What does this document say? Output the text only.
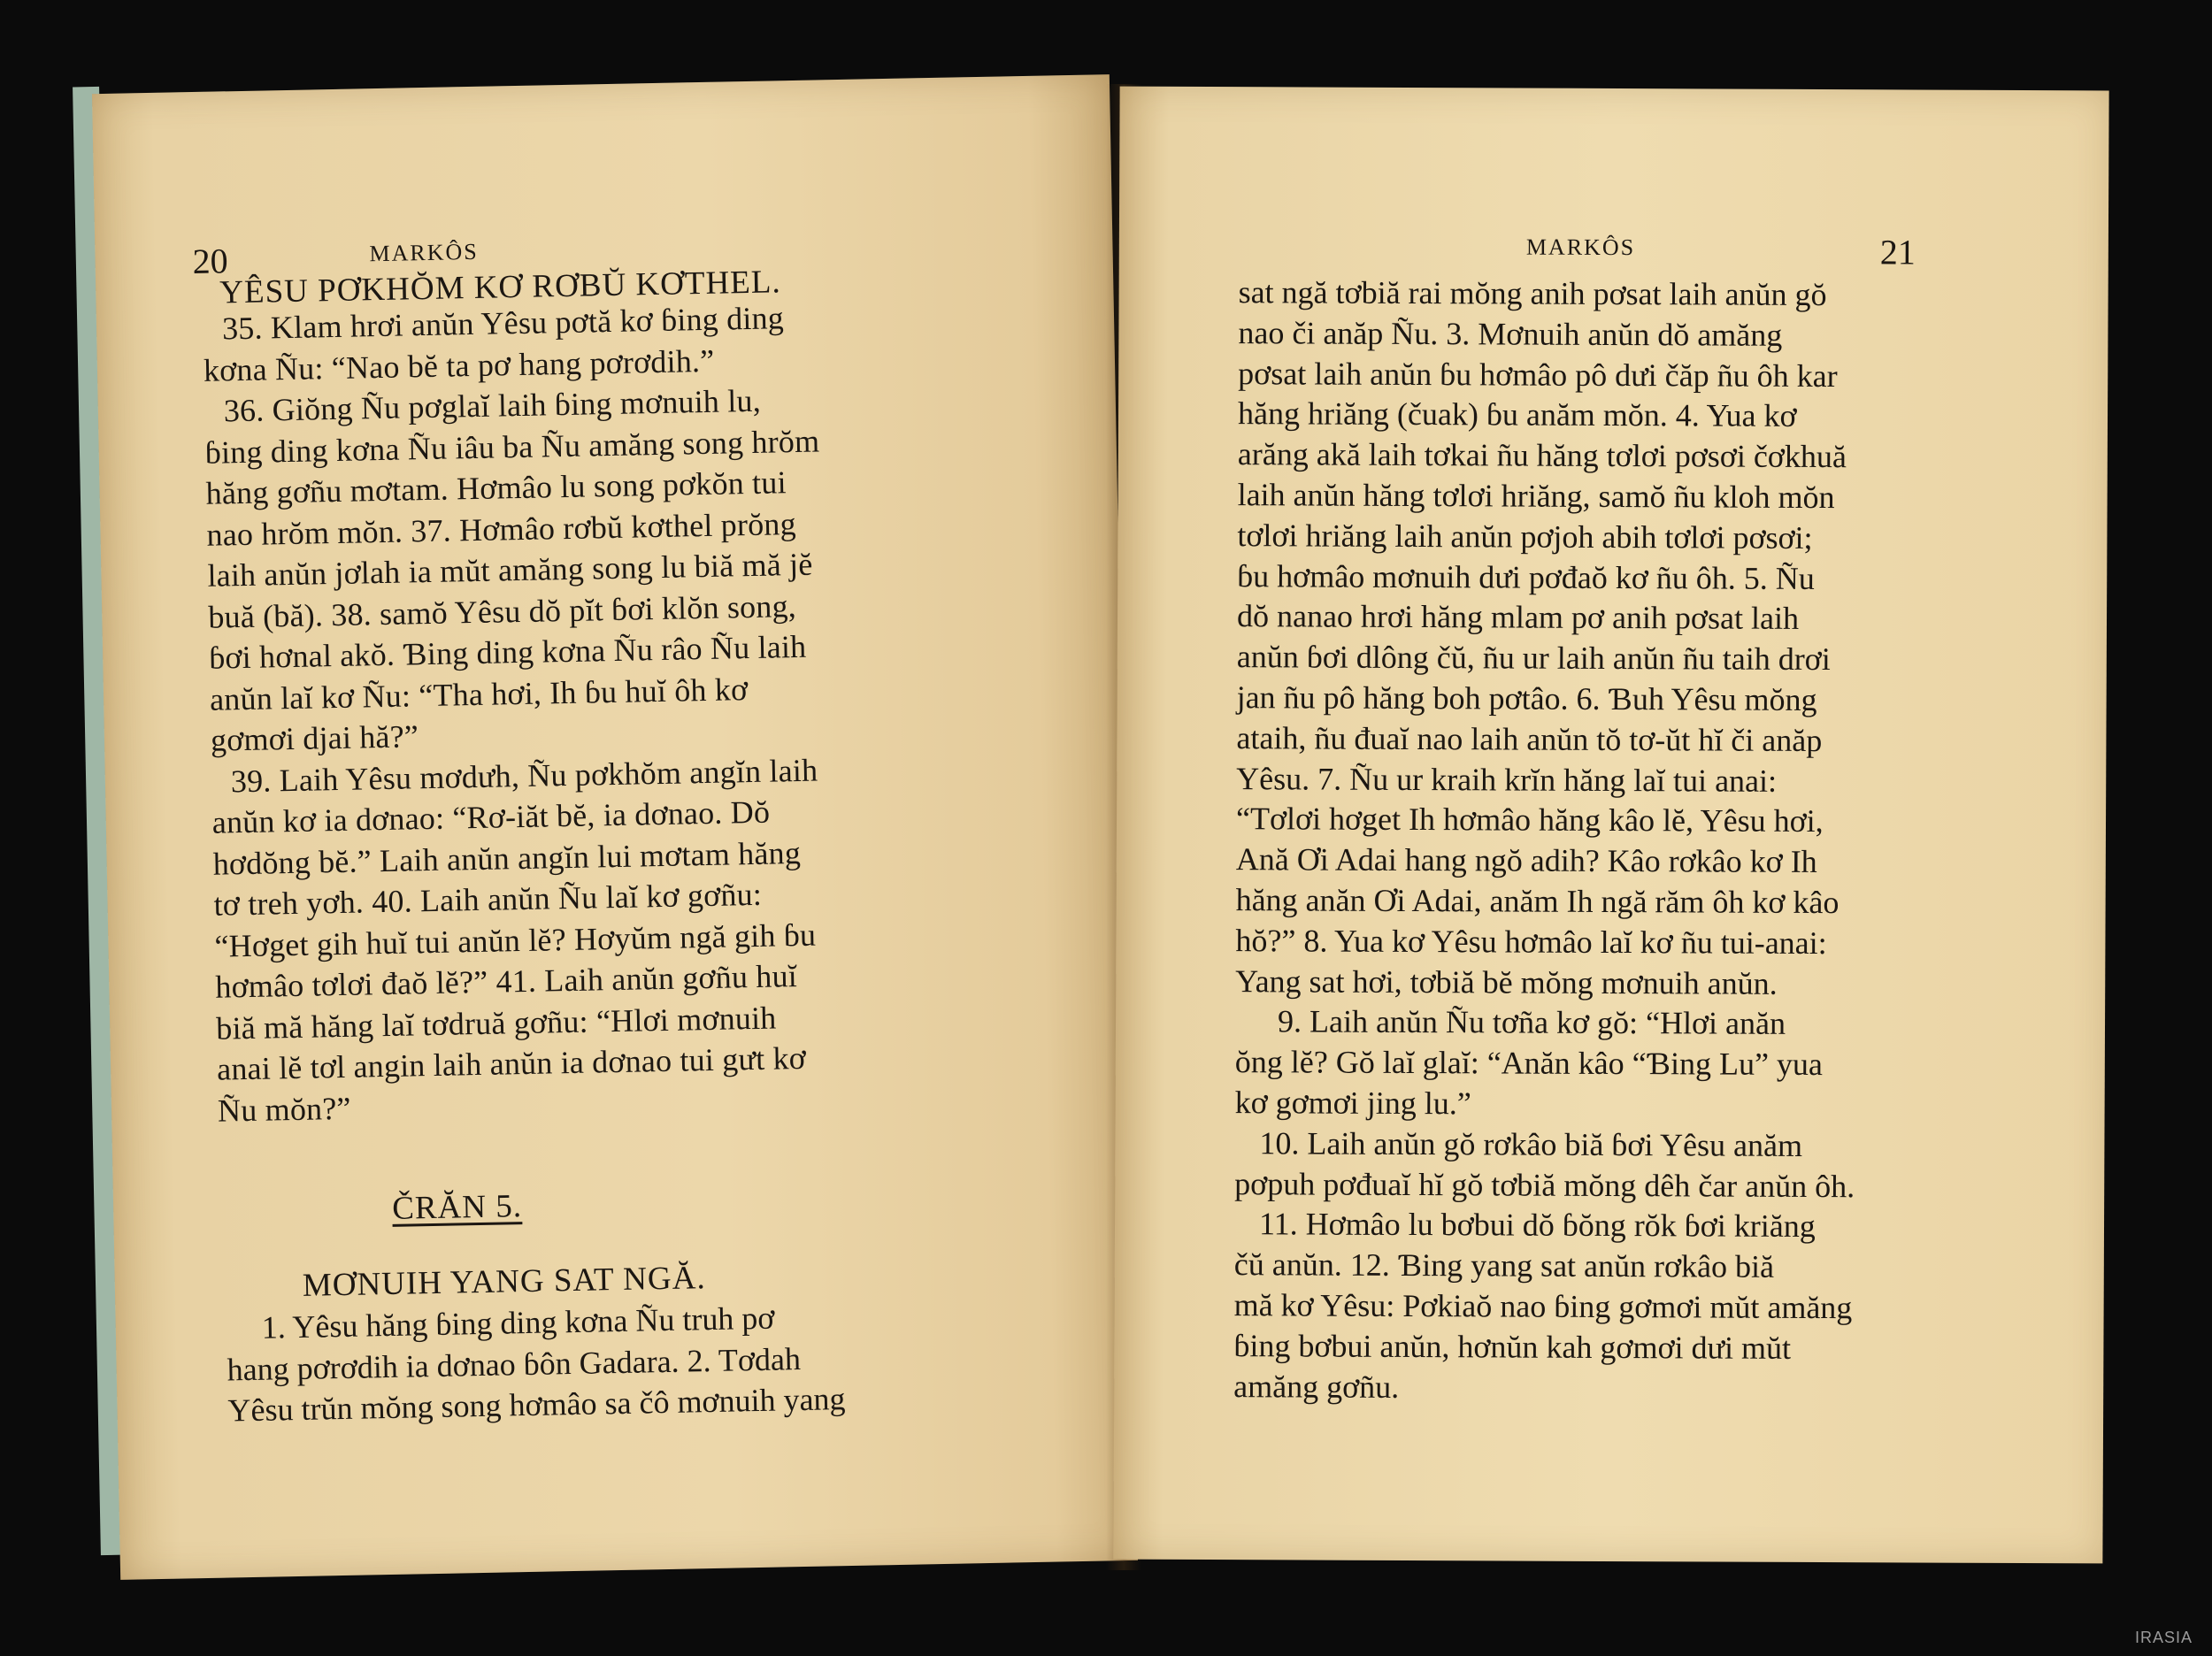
20	MARKÔS
YÊSU PƠKHŎM KƠ RƠBŬ KƠTHEL.
35. Klam hrơi anŭn Yêsu pơtă kơ ɓing ding
kơna Ñu: “Nao bĕ ta pơ hang pơrơdih.”
36. Giŏng Ñu pơglaĭ laih ɓing mơnuih lu,
ɓing ding kơna Ñu iâu ba Ñu amăng song hrŏm
hăng gơñu mơtam. Hơmâo lu song pơkŏn tui
nao hrŏm mŏn. 37. Hơmâo rơbŭ kơthel prŏng
laih anŭn jơlah ia mŭt amăng song lu biă mă jĕ
buă (bă). 38. samŏ Yêsu dŏ pĭt ɓơi klŏn song,
ɓơi hơnal akŏ. Ɓing ding kơna Ñu râo Ñu laih
anŭn laĭ kơ Ñu: “Tha hơi, Ih ɓu huĭ ôh kơ
gơmơi djai hă?”
39. Laih Yêsu mơdưh, Ñu pơkhŏm angĭn laih
anŭn kơ ia dơnao: “Rơ-iăt bĕ, ia dơnao. Dŏ
hơdŏng bĕ.” Laih anŭn angĭn lui mơtam hăng
tơ treh yơh. 40. Laih anŭn Ñu laĭ kơ gơñu:
“Hơget gih huĭ tui anŭn lĕ? Hơyŭm ngă gih ɓu
hơmâo tơlơi đaŏ lĕ?” 41. Laih anŭn gơñu huĭ
biă mă hăng laĭ tơdruă gơñu: “Hlơi mơnuih
anai lĕ tơl angin laih anŭn ia dơnao tui gưt kơ
Ñu mŏn?”
ČRĂN 5.
MƠNUIH YANG SAT NGĂ.
1. Yêsu hăng ɓing ding kơna Ñu truh pơ
hang pơrơdih ia dơnao ɓôn Gadara. 2. Tơdah
Yêsu trŭn mŏng song hơmâo sa čô mơnuih yang
MARKÔS	21
sat ngă tơbiă rai mŏng anih pơsat laih anŭn gŏ
nao či anăp Ñu. 3. Mơnuih anŭn dŏ amăng
pơsat laih anŭn ɓu hơmâo pô dưi čăp ñu ôh kar
hăng hriăng (čuak) ɓu anăm mŏn. 4. Yua kơ
arăng akă laih tơkai ñu hăng tơlơi pơsơi čơkhuă
laih anŭn hăng tơlơi hriăng, samŏ ñu kloh mŏn
tơlơi hriăng laih anŭn pơjoh abih tơlơi pơsơi;
ɓu hơmâo mơnuih dưi pơđaŏ kơ ñu ôh. 5. Ñu
dŏ nanao hrơi hăng mlam pơ anih pơsat laih
anŭn ɓơi dlông čŭ, ñu ur laih anŭn ñu taih drơi
jan ñu pô hăng boh pơtâo. 6. Ɓuh Yêsu mŏng
ataih, ñu đuaĭ nao laih anŭn tŏ tơ-ŭt hĭ či anăp
Yêsu. 7. Ñu ur kraih krĭn hăng laĭ tui anai:
“Tơlơi hơget Ih hơmâo hăng kâo lĕ, Yêsu hơi,
Ană Ơi Adai hang ngŏ adih? Kâo rơkâo kơ Ih
hăng anăn Ơi Adai, anăm Ih ngă răm ôh kơ kâo
hŏ?” 8. Yua kơ Yêsu hơmâo laĭ kơ ñu tui-anai:
Yang sat hơi, tơbiă bĕ mŏng mơnuih anŭn.
9. Laih anŭn Ñu tơña kơ gŏ: “Hlơi anăn
ŏng lĕ? Gŏ laĭ glaĭ: “Anăn kâo “Ɓing Lu” yua
kơ gơmơi jing lu.”
10. Laih anŭn gŏ rơkâo biă ɓơi Yêsu anăm
pơpuh pơđuaĭ hĭ gŏ tơbiă mŏng dêh čar anŭn ôh.
11. Hơmâo lu bơbui dŏ ɓŏng rŏk ɓơi kriăng
čŭ anŭn. 12. Ɓing yang sat anŭn rơkâo biă
mă kơ Yêsu: Pơkiaŏ nao ɓing gơmơi mŭt amăng
ɓing bơbui anŭn, hơnŭn kah gơmơi dưi mŭt
amăng gơñu.
IRASIA
